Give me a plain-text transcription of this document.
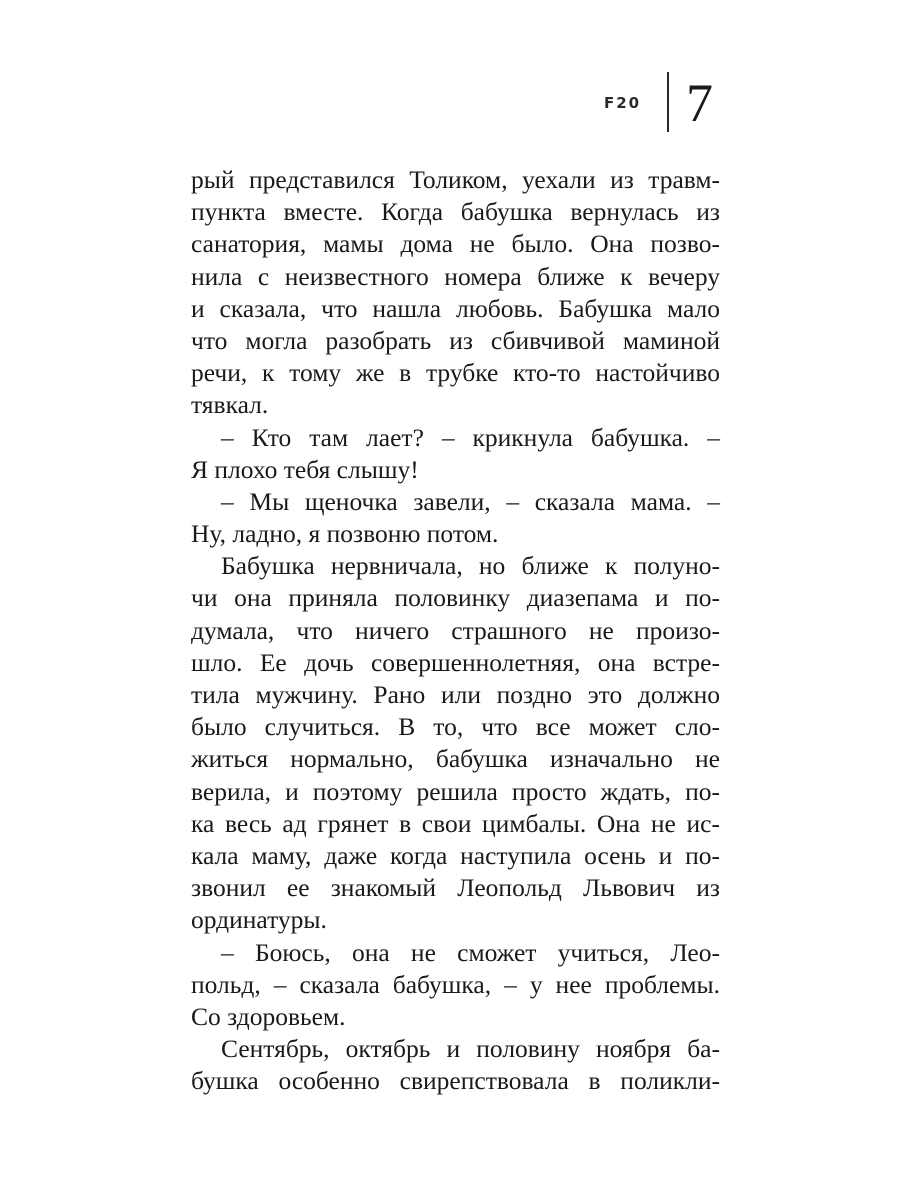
F20 7
рый представился Толиком, уехали из травм-
пункта вместе. Когда бабушка вернулась из
санатория, мамы дома не было. Она позво-
нила с неизвестного номера ближе к вечеру
и сказала, что нашла любовь. Бабушка мало
что могла разобрать из сбивчивой маминой
речи, к тому же в трубке кто-то настойчиво
тявкал.
– Кто там лает? – крикнула бабушка. –
Я плохо тебя слышу!
– Мы щеночка завели, – сказала мама. –
Ну, ладно, я позвоню потом.
Бабушка нервничала, но ближе к полуно-
чи она приняла половинку диазепама и по-
думала, что ничего страшного не произо-
шло. Ее дочь совершеннолетняя, она встре-
тила мужчину. Рано или поздно это должно
было случиться. В то, что все может сло-
житься нормально, бабушка изначально не
верила, и поэтому решила просто ждать, по-
ка весь ад грянет в свои цимбалы. Она не ис-
кала маму, даже когда наступила осень и по-
звонил ее знакомый Леопольд Львович из
ординатуры.
– Боюсь, она не сможет учиться, Лео-
польд, – сказала бабушка, – у нее проблемы.
Со здоровьем.
Сентябрь, октябрь и половину ноября ба-
бушка особенно свирепствовала в поликли-
